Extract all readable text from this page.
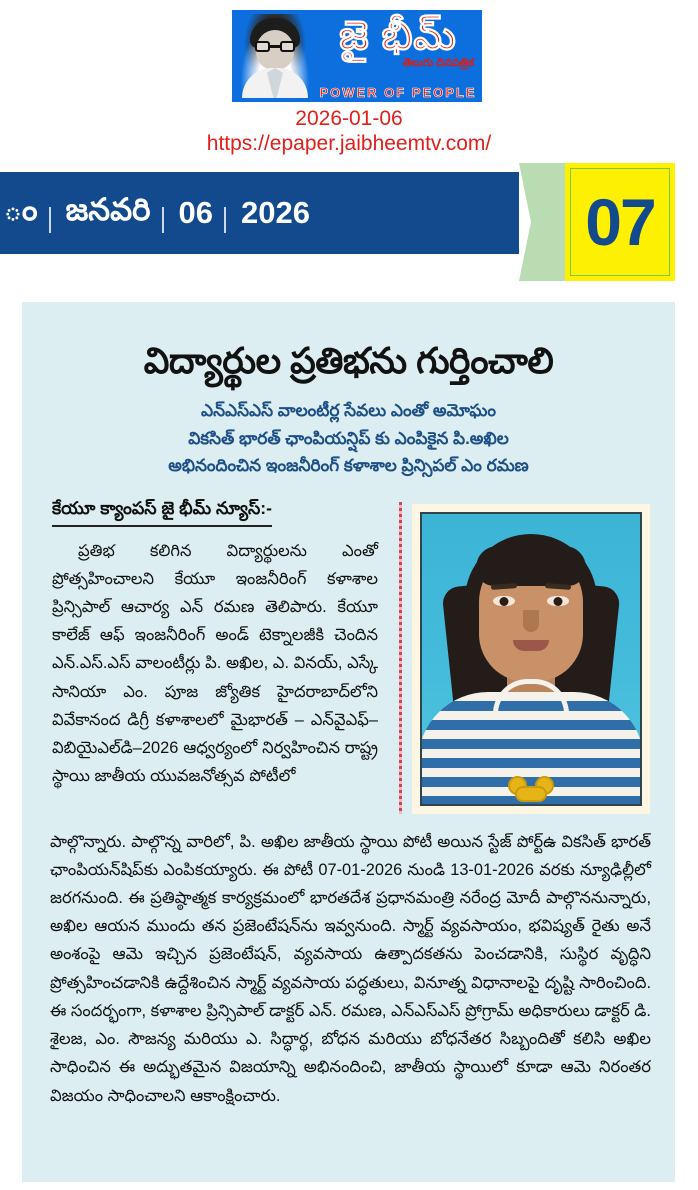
జై భీమ్
తెలుగు దినపత్రిక
POWER OF PEOPLE
2026-01-06
https://epaper.jaibheemtv.com/
ం జనవరి 06 2026	07
విద్యార్థుల ప్రతిభను గుర్తించాలి
ఎన్ఎస్ఎస్ వాలంటీర్ల సేవలు ఎంతో అమోఘం
వికసిత్ భారత్ ఛాంపియన్షిప్ కు ఎంపికైన పి.అఖిల
అభినందించిన ఇంజనీరింగ్ కళాశాల ప్రిన్సిపల్ ఎం రమణ
కేయూ క్యాంపస్ జై భీమ్ న్యూస్:-
ప్రతిభ కలిగిన విద్యార్థులను ఎంతో ప్రోత్సహించాలని కేయూ ఇంజనీరింగ్ కళాశాల ప్రిన్సిపాల్ ఆచార్య ఎన్ రమణ తెలిపారు. కేయూ కాలేజ్ ఆఫ్ ఇంజనీరింగ్ అండ్ టెక్నాలజీకి చెందిన ఎన్.ఎస్.ఎస్ వాలంటీర్లు పి. అఖిల, ఎ. వినయ్, ఎస్కే సానియా ఎం. పూజ జ్యోతిక హైదరాబాద్‌లోని వివేకానంద డిగ్రీ కళాశాలలో మైభారత్ – ఎన్‌వైఎఫ్‌–విబియైఎల్‌డి–2026 ఆధ్వర్యంలో నిర్వహించిన రాష్ట్ర స్థాయి జాతీయ యువజనోత్సవ పోటీలో
పాల్గొన్నారు. పాల్గొన్న వారిలో, పి. అఖిల జాతీయ స్థాయి పోటీ అయిన స్టేజ్ పోర్ట్‌ఉ వికసిత్ భారత్ ఛాంపియన్‌షిప్‌కు ఎంపికయ్యారు. ఈ పోటీ 07-01-2026 నుండి 13-01-2026 వరకు న్యూఢిల్లీలో జరగనుంది. ఈ ప్రతిష్ఠాత్మక కార్యక్రమంలో భారతదేశ ప్రధానమంత్రి నరేంద్ర మోదీ పాల్గొననున్నారు, అఖిల ఆయన ముందు తన ప్రజెంటేషన్‌ను ఇవ్వనుంది. స్మార్ట్ వ్యవసాయం, భవిష్యత్ రైతు అనే అంశంపై ఆమె ఇచ్చిన ప్రజెంటేషన్, వ్యవసాయ ఉత్పాదకతను పెంచడానికి, సుస్థిర వృద్ధిని ప్రోత్సహించడానికి ఉద్దేశించిన స్మార్ట్ వ్యవసాయ పద్ధతులు, వినూత్న విధానాలపై దృష్టి సారించింది. ఈ సందర్భంగా, కళాశాల ప్రిన్సిపాల్ డాక్టర్ ఎన్. రమణ, ఎన్ఎస్ఎస్ ప్రోగ్రామ్ అధికారులు డాక్టర్ డి. శైలజ, ఎం. సౌజన్య మరియు ఎ. సిద్ధార్థ, బోధన మరియు బోధనేతర సిబ్బందితో కలిసి అఖిల సాధించిన ఈ అద్భుతమైన విజయాన్ని అభినందించి, జాతీయ స్థాయిలో కూడా ఆమె నిరంతర విజయం సాధించాలని ఆకాంక్షించారు.
